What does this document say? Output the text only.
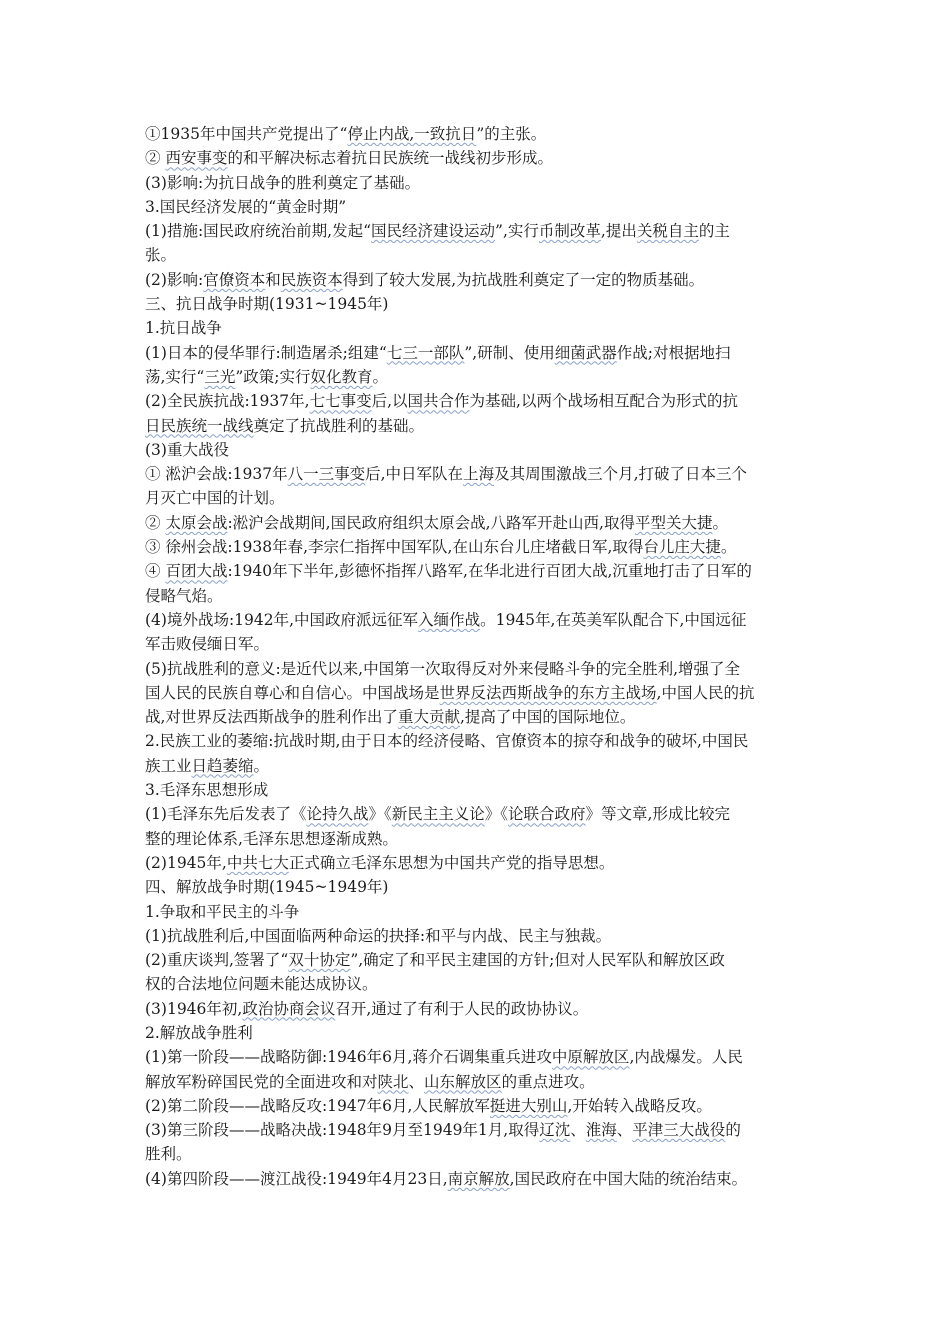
①1935年中国共产党提出了“停止内战,一致抗日”的主张。
② 西安事变的和平解决标志着抗日民族统一战线初步形成。
(3)影响:为抗日战争的胜利奠定了基础。
3.国民经济发展的“黄金时期”
(1)措施:国民政府统治前期,发起“国民经济建设运动”,实行币制改革,提出关税自主的主
张。
(2)影响:官僚资本和民族资本得到了较大发展,为抗战胜利奠定了一定的物质基础。
三、抗日战争时期(1931~1945年)
1.抗日战争
(1)日本的侵华罪行:制造屠杀;组建“七三一部队”,研制、使用细菌武器作战;对根据地扫
荡,实行“三光”政策;实行奴化教育。
(2)全民族抗战:1937年,七七事变后,以国共合作为基础,以两个战场相互配合为形式的抗
日民族统一战线奠定了抗战胜利的基础。
(3)重大战役
① 淞沪会战:1937年八一三事变后,中日军队在上海及其周围激战三个月,打破了日本三个
月灭亡中国的计划。
② 太原会战:淞沪会战期间,国民政府组织太原会战,八路军开赴山西,取得平型关大捷。
③ 徐州会战:1938年春,李宗仁指挥中国军队,在山东台儿庄堵截日军,取得台儿庄大捷。
④ 百团大战:1940年下半年,彭德怀指挥八路军,在华北进行百团大战,沉重地打击了日军的
侵略气焰。
(4)境外战场:1942年,中国政府派远征军入缅作战。1945年,在英美军队配合下,中国远征
军击败侵缅日军。
(5)抗战胜利的意义:是近代以来,中国第一次取得反对外来侵略斗争的完全胜利,增强了全
国人民的民族自尊心和自信心。中国战场是世界反法西斯战争的东方主战场,中国人民的抗
战,对世界反法西斯战争的胜利作出了重大贡献,提高了中国的国际地位。
2.民族工业的萎缩:抗战时期,由于日本的经济侵略、官僚资本的掠夺和战争的破坏,中国民
族工业日趋萎缩。
3.毛泽东思想形成
(1)毛泽东先后发表了《论持久战》《新民主主义论》《论联合政府》等文章,形成比较完
整的理论体系,毛泽东思想逐渐成熟。
(2)1945年,中共七大正式确立毛泽东思想为中国共产党的指导思想。
四、解放战争时期(1945~1949年)
1.争取和平民主的斗争
(1)抗战胜利后,中国面临两种命运的抉择:和平与内战、民主与独裁。
(2)重庆谈判,签署了“双十协定”,确定了和平民主建国的方针;但对人民军队和解放区政
权的合法地位问题未能达成协议。
(3)1946年初,政治协商会议召开,通过了有利于人民的政协协议。
2.解放战争胜利
(1)第一阶段——战略防御:1946年6月,蒋介石调集重兵进攻中原解放区,内战爆发。人民
解放军粉碎国民党的全面进攻和对陕北、山东解放区的重点进攻。
(2)第二阶段——战略反攻:1947年6月,人民解放军挺进大别山,开始转入战略反攻。
(3)第三阶段——战略决战:1948年9月至1949年1月,取得辽沈、淮海、平津三大战役的
胜利。
(4)第四阶段——渡江战役:1949年4月23日,南京解放,国民政府在中国大陆的统治结束。
